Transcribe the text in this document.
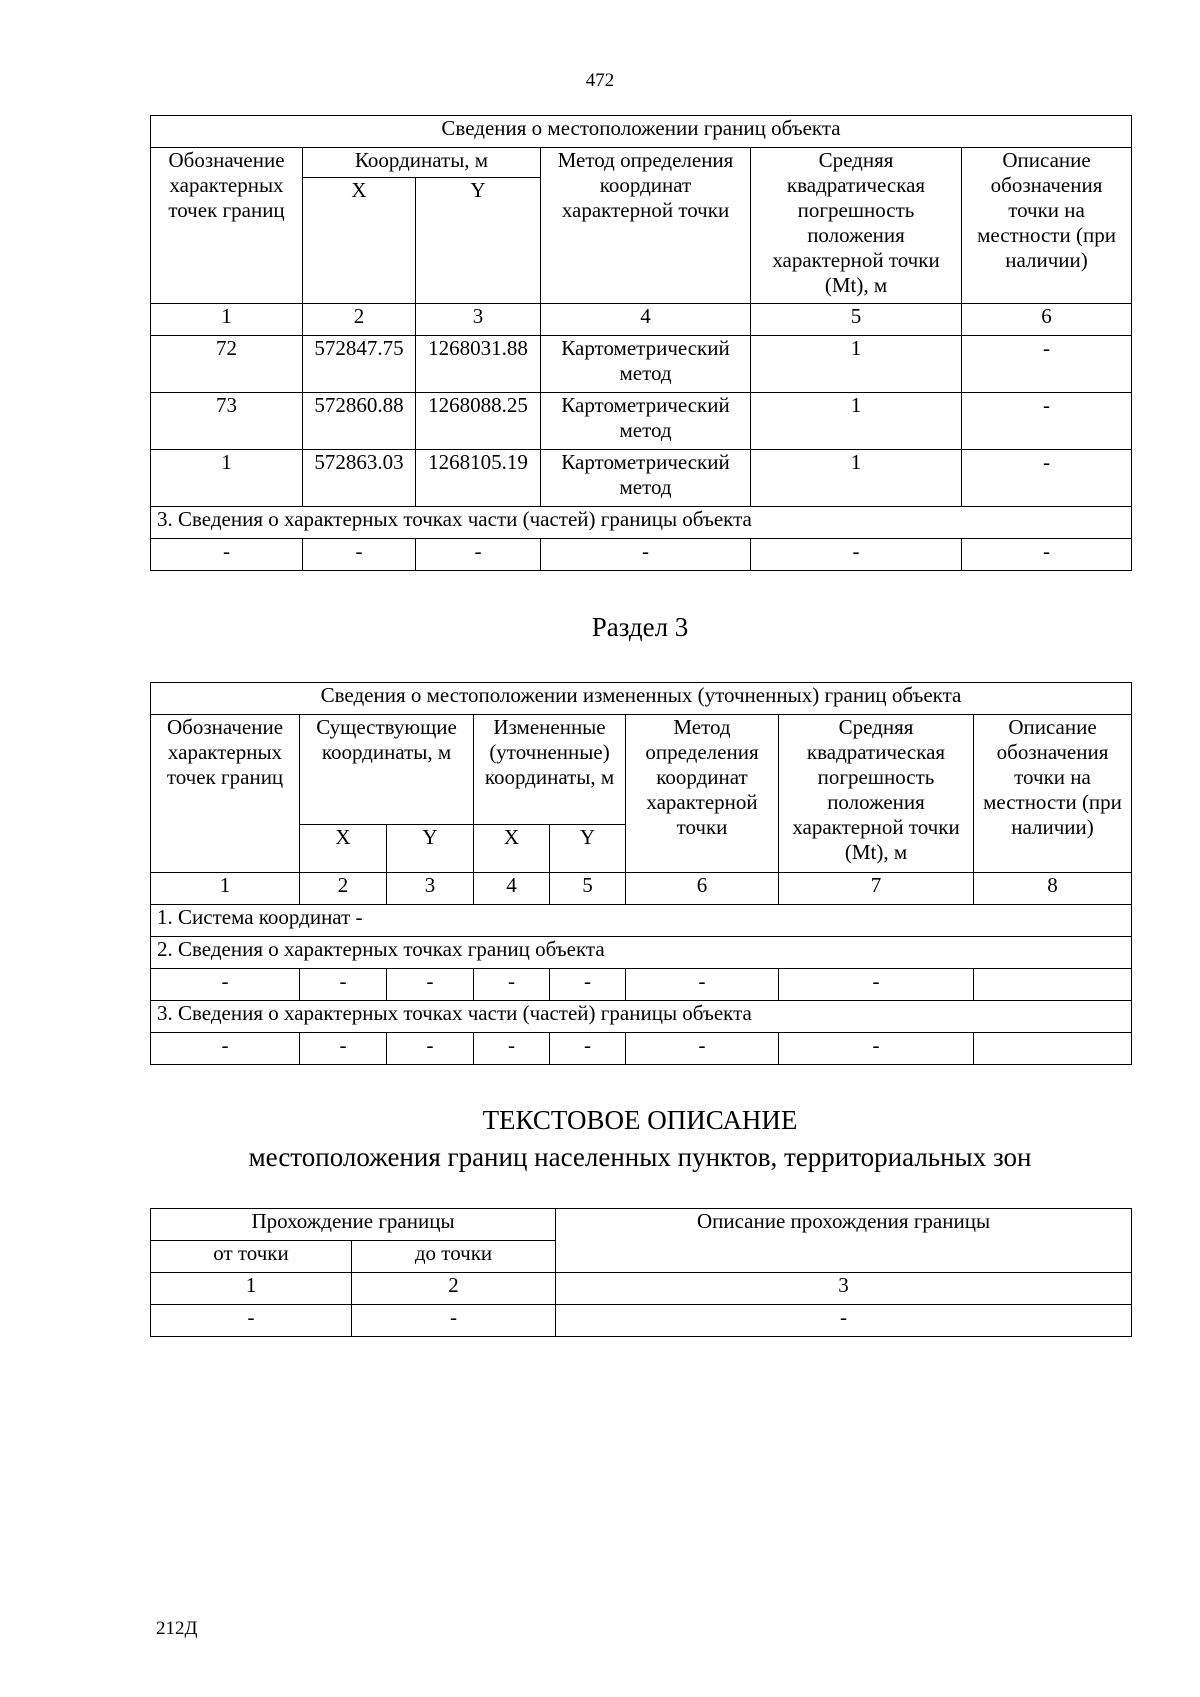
472
Сведения о местоположении границ объекта					
Обозначение характерных точек границ	Координаты, м		Метод определения координат характерной точки	Средняя квадратическая погрешность положения характерной точки (Mt), м	Описание обозначения точки на местности (при наличии)
	X	Y			
1	2	3	4	5	6
72	572847.75	1268031.88	Картометрический метод	1	-
73	572860.88	1268088.25	Картометрический метод	1	-
1	572863.03	1268105.19	Картометрический метод	1	-
3. Сведения о характерных точках части (частей) границы объекта					
-	-	-	-	-	-
Раздел 3
Сведения о местоположении измененных (уточненных) границ объекта							
Обозначение характерных точек границ	Существующие координаты, м		Измененные (уточненные) координаты, м		Метод определения координат характерной точки	Средняя квадратическая погрешность положения характерной точки (Mt), м	Описание обозначения точки на местности (при наличии)
	X	Y	X	Y			
1	2	3	4	5	6	7	8
1. Система координат -							
2. Сведения о характерных точках границ объекта							
-	-	-	-	-	-	-	
3. Сведения о характерных точках части (частей) границы объекта							
-	-	-	-	-	-	-	
ТЕКСТОВОЕ ОПИСАНИЕ
местоположения границ населенных пунктов, территориальных зон
Прохождение границы		Описание прохождения границы
от точки	до точки	
1	2	3
-	-	-
212Д
